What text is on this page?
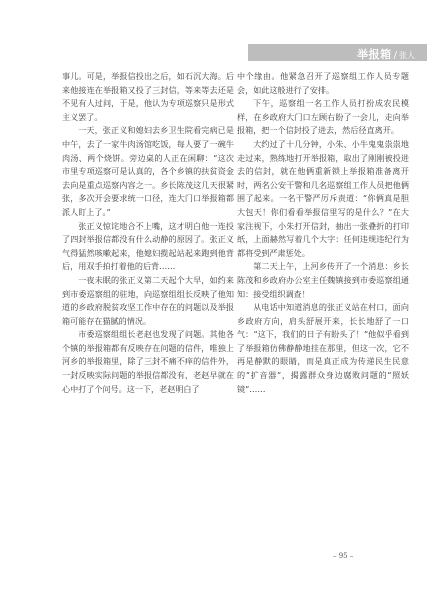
举报箱 / 张人

事儿。可是，举报信投出之后，如石沉大海。后来他接连在举报箱又投了三封信，等来等去还是不见有人过问，于是，他认为专项巡察只是形式主义罢了。

一天，张正义和媳妇去乡卫生院看完病已是中午，去了一家牛肉汤馆吃饭，每人要了一碗牛肉汤、两个烧饼。旁边桌的人正在闲聊：“这次市里专项巡察可是认真的，各个乡镇的扶贫资金去向是重点巡察内容之一。乡长陈茂这几天很紧张，多次开会要求统一口径，连大门口举报箱都派人盯上了。”

张正义惊诧地合不上嘴，这才明白他一连投了四封举报信都没有什么动静的原因了。张正义气得猛然咳嗽起来，他媳妇揽起站起来跑到他背后，用双手拍打着他的后背……

一夜未眠的张正义第二天起个大早，如约来到市委巡察组的驻地，向巡察组组长反映了他知道的乡政府脱贫攻坚工作中存在的问题以及举报箱可能存在猫腻的情况。

市委巡察组组长老赵也发现了问题。其他各个镇的举报箱都有反映存在问题的信件，唯独上河乡的举报箱里，除了三封不痛不痒的信件外，一封反映实际问题的举报信都没有，老赵早就在心中打了个问号。这一下，老赵明白了

中个缘由。他紧急召开了巡察组工作人员专题会，如此这般进行了安排。

下午，巡察组一名工作人员打扮成农民模样，在乡政府大门口左顾右盼了一会儿，走向举报箱，把一个信封投了进去，然后径直离开。

大约过了十几分钟，小朱、小牛鬼鬼祟祟地走过来，熟练地打开举报箱，取出了刚刚被投进去的信封，就在他俩重新锁上举报箱准备离开时，两名公安干警和几名巡察组工作人员把他俩围了起来。一名干警严厉斥责道：“你俩真是胆大包天！你们看看举报信里写的是什么？”在大家注视下，小朱打开信封，抽出一张叠折的打印纸，上面赫然写着几个大字：任何违规违纪行为都将受到严肃惩处。

第二天上午，上河乡传开了一个消息：乡长陈茂和乡政府办公室主任魏镇接到市委巡察组通知：接受组织调查！

从电话中知道消息的张正义站在村口，面向乡政府方向，肩头舒展开来，长长地舒了一口气：“这下，我们的日子有盼头了！”他似乎看到了举报箱仿佛静静地挂在那里，但这一次，它不再是静默的眼睛，而是真正成为传递民生民意的“扩音器”，揭露群众身边腐败问题的“照妖镜”……

– 95 –
